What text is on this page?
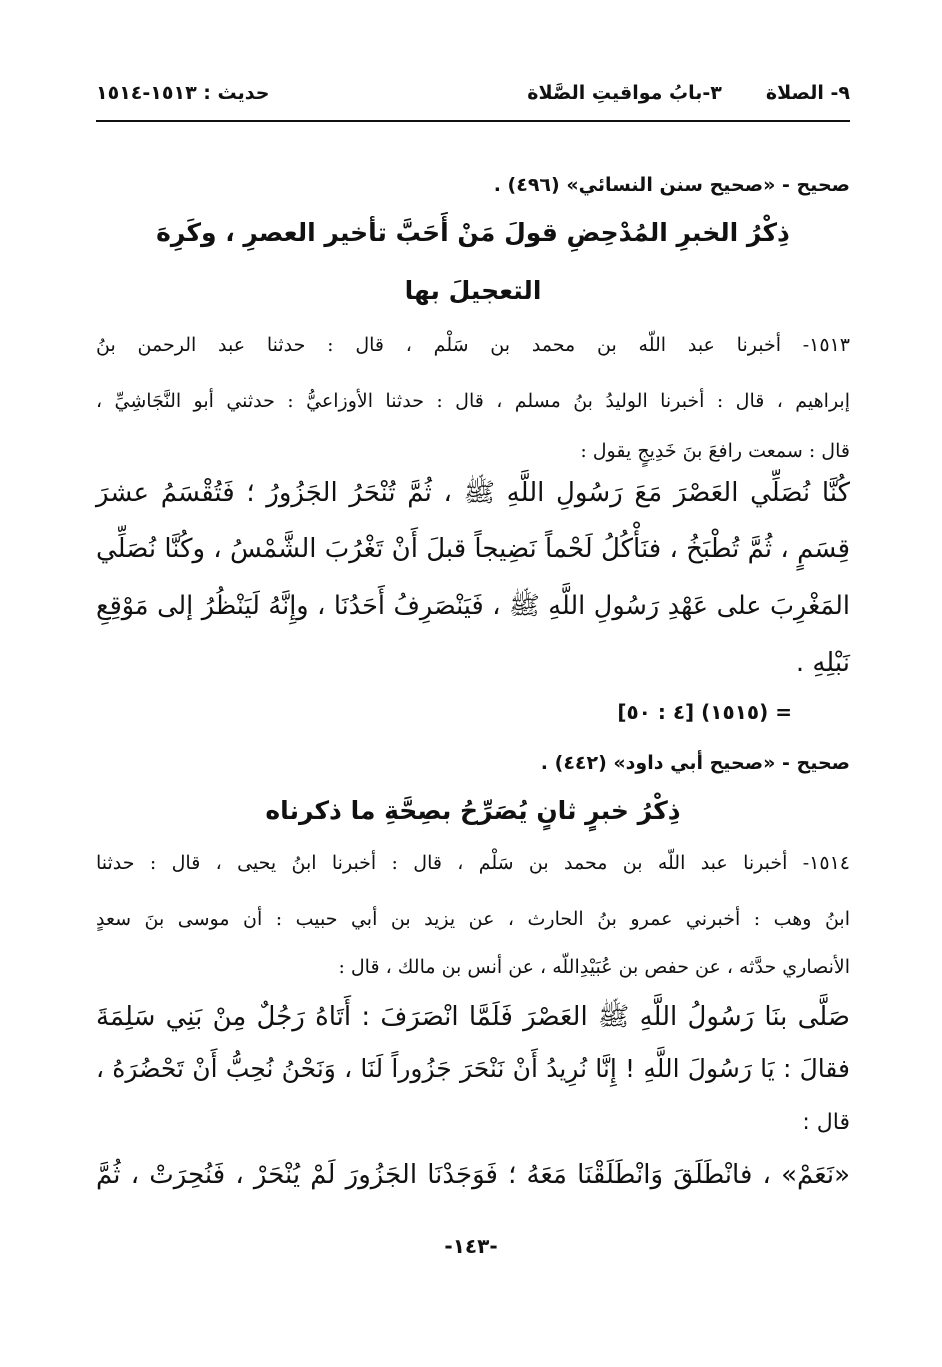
٩- الصلاة٣-بابُ مواقيتِ الصَّلاة
حديث : ١٥١٣-١٥١٤
صحيح - «صحيح سنن النسائي» (٤٩٦) .
ذِكْرُ الخبرِ المُدْحِضِ قولَ مَنْ أَحَبَّ تأخير العصرِ ، وكَرِهَ
التعجيلَ بها
١٥١٣- أخبرنا عبد اللّه بن محمد بن سَلْم ، قال : حدثنا عبد الرحمن بنُ
إبراهيم ، قال : أخبرنا الوليدُ بنُ مسلم ، قال : حدثنا الأوزاعيُّ : حدثني أبو النَّجَاشِيِّ ،
قال : سمعت رافعَ بنَ خَدِيجٍ يقول :
كُنَّا نُصَلِّي العَصْرَ مَعَ رَسُولِ اللَّهِ ﷺ ، ثُمَّ تُنْحَرُ الجَزُورُ ؛ فَتُقْسَمُ عشرَ
قِسَمٍ ، ثُمَّ تُطْبَخُ ، فنَأْكُلُ لَحْماً نَضِيجاً قبلَ أَنْ تَغْرُبَ الشَّمْسُ ، وكُنَّا نُصَلِّي
المَغْرِبَ على عَهْدِ رَسُولِ اللَّهِ ﷺ ، فَيَنْصَرِفُ أَحَدُنَا ، وإِنَّهُ لَيَنْظُرُ إلى مَوْقِعِ
نَبْلِهِ .
= (١٥١٥) [٤ : ٥٠]
صحيح - «صحيح أبي داود» (٤٤٢) .
ذِكْرُ خبرٍ ثانٍ يُصَرِّحُ بصِحَّةِ ما ذكرناه
١٥١٤- أخبرنا عبد اللّه بن محمد بن سَلْم ، قال : أخبرنا ابنُ يحيى ، قال : حدثنا
ابنُ وهب : أخبرني عمرو بنُ الحارث ، عن يزيد بن أبي حبيب : أن موسى بنَ سعدٍ
الأنصاري حدَّثه ، عن حفص بن عُبَيْدِاللّه ، عن أنس بن مالك ، قال :
صَلَّى بنَا رَسُولُ اللَّهِ ﷺ العَصْرَ فَلَمَّا انْصَرَفَ : أَتَاهُ رَجُلٌ مِنْ بَنِي سَلِمَةَ
فقالَ : يَا رَسُولَ اللَّهِ ! إِنَّا نُرِيدُ أَنْ نَنْحَرَ جَزُوراً لَنَا ، وَنَحْنُ نُحِبُّ أَنْ تَحْضُرَهُ ،
قال :
«نَعَمْ» ، فانْطَلَقَ وَانْطَلَقْنَا مَعَهُ ؛ فَوَجَدْنَا الجَزُورَ لَمْ يُنْحَرْ ، فَنُحِرَتْ ، ثُمَّ
-١٤٣-
